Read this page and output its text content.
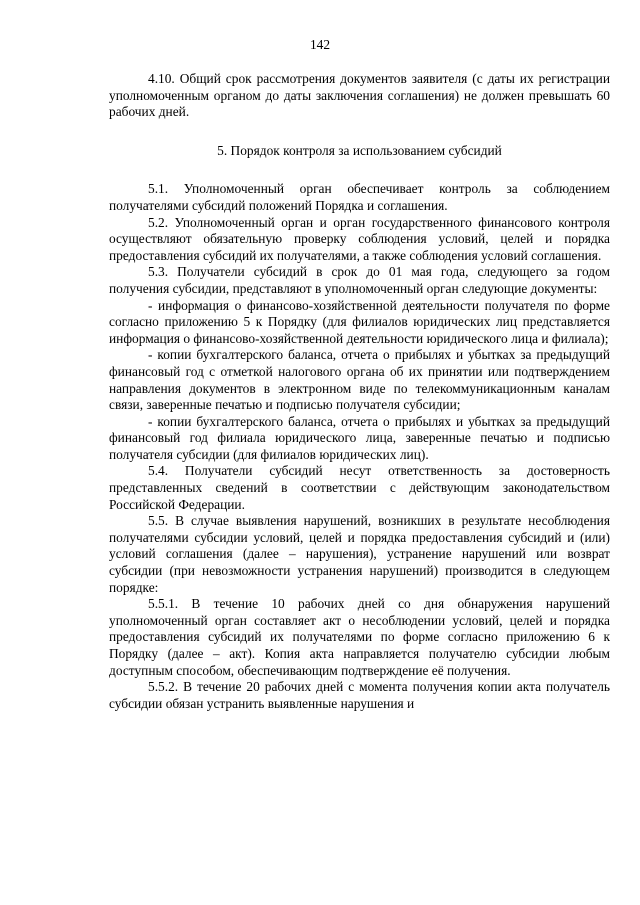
142

4.10. Общий срок рассмотрения документов заявителя (с даты их регистрации уполномоченным органом до даты заключения соглашения) не должен превышать 60 рабочих дней.

5. Порядок контроля за использованием субсидий

5.1. Уполномоченный орган обеспечивает контроль за соблюдением получателями субсидий положений Порядка и соглашения.

5.2. Уполномоченный орган и орган государственного финансового контроля осуществляют обязательную проверку соблюдения условий, целей и порядка предоставления субсидий их получателями, а также соблюдения условий соглашения.

5.3. Получатели субсидий в срок до 01 мая года, следующего за годом получения субсидии, представляют в уполномоченный орган следующие документы:

- информация о финансово-хозяйственной деятельности получателя по форме согласно приложению 5 к Порядку (для филиалов юридических лиц представляется информация о финансово-хозяйственной деятельности юридического лица и филиала);

- копии бухгалтерского баланса, отчета о прибылях и убытках за предыдущий финансовый год с отметкой налогового органа об их принятии или подтверждением направления документов в электронном виде по телекоммуникационным каналам связи, заверенные печатью и подписью получателя субсидии;

- копии бухгалтерского баланса, отчета о прибылях и убытках за предыдущий финансовый год филиала юридического лица, заверенные печатью и подписью получателя субсидии (для филиалов юридических лиц).

5.4. Получатели субсидий несут ответственность за достоверность представленных сведений в соответствии с действующим законодательством Российской Федерации.

5.5. В случае выявления нарушений, возникших в результате несоблюдения получателями субсидии условий, целей и порядка предоставления субсидий и (или) условий соглашения (далее – нарушения), устранение нарушений или возврат субсидии (при невозможности устранения нарушений) производится в следующем порядке:

5.5.1. В течение 10 рабочих дней со дня обнаружения нарушений уполномоченный орган составляет акт о несоблюдении условий, целей и порядка предоставления субсидий их получателями по форме согласно приложению 6 к Порядку (далее – акт). Копия акта направляется получателю субсидии любым доступным способом, обеспечивающим подтверждение её получения.

5.5.2. В течение 20 рабочих дней с момента получения копии акта получатель субсидии обязан устранить выявленные нарушения и
